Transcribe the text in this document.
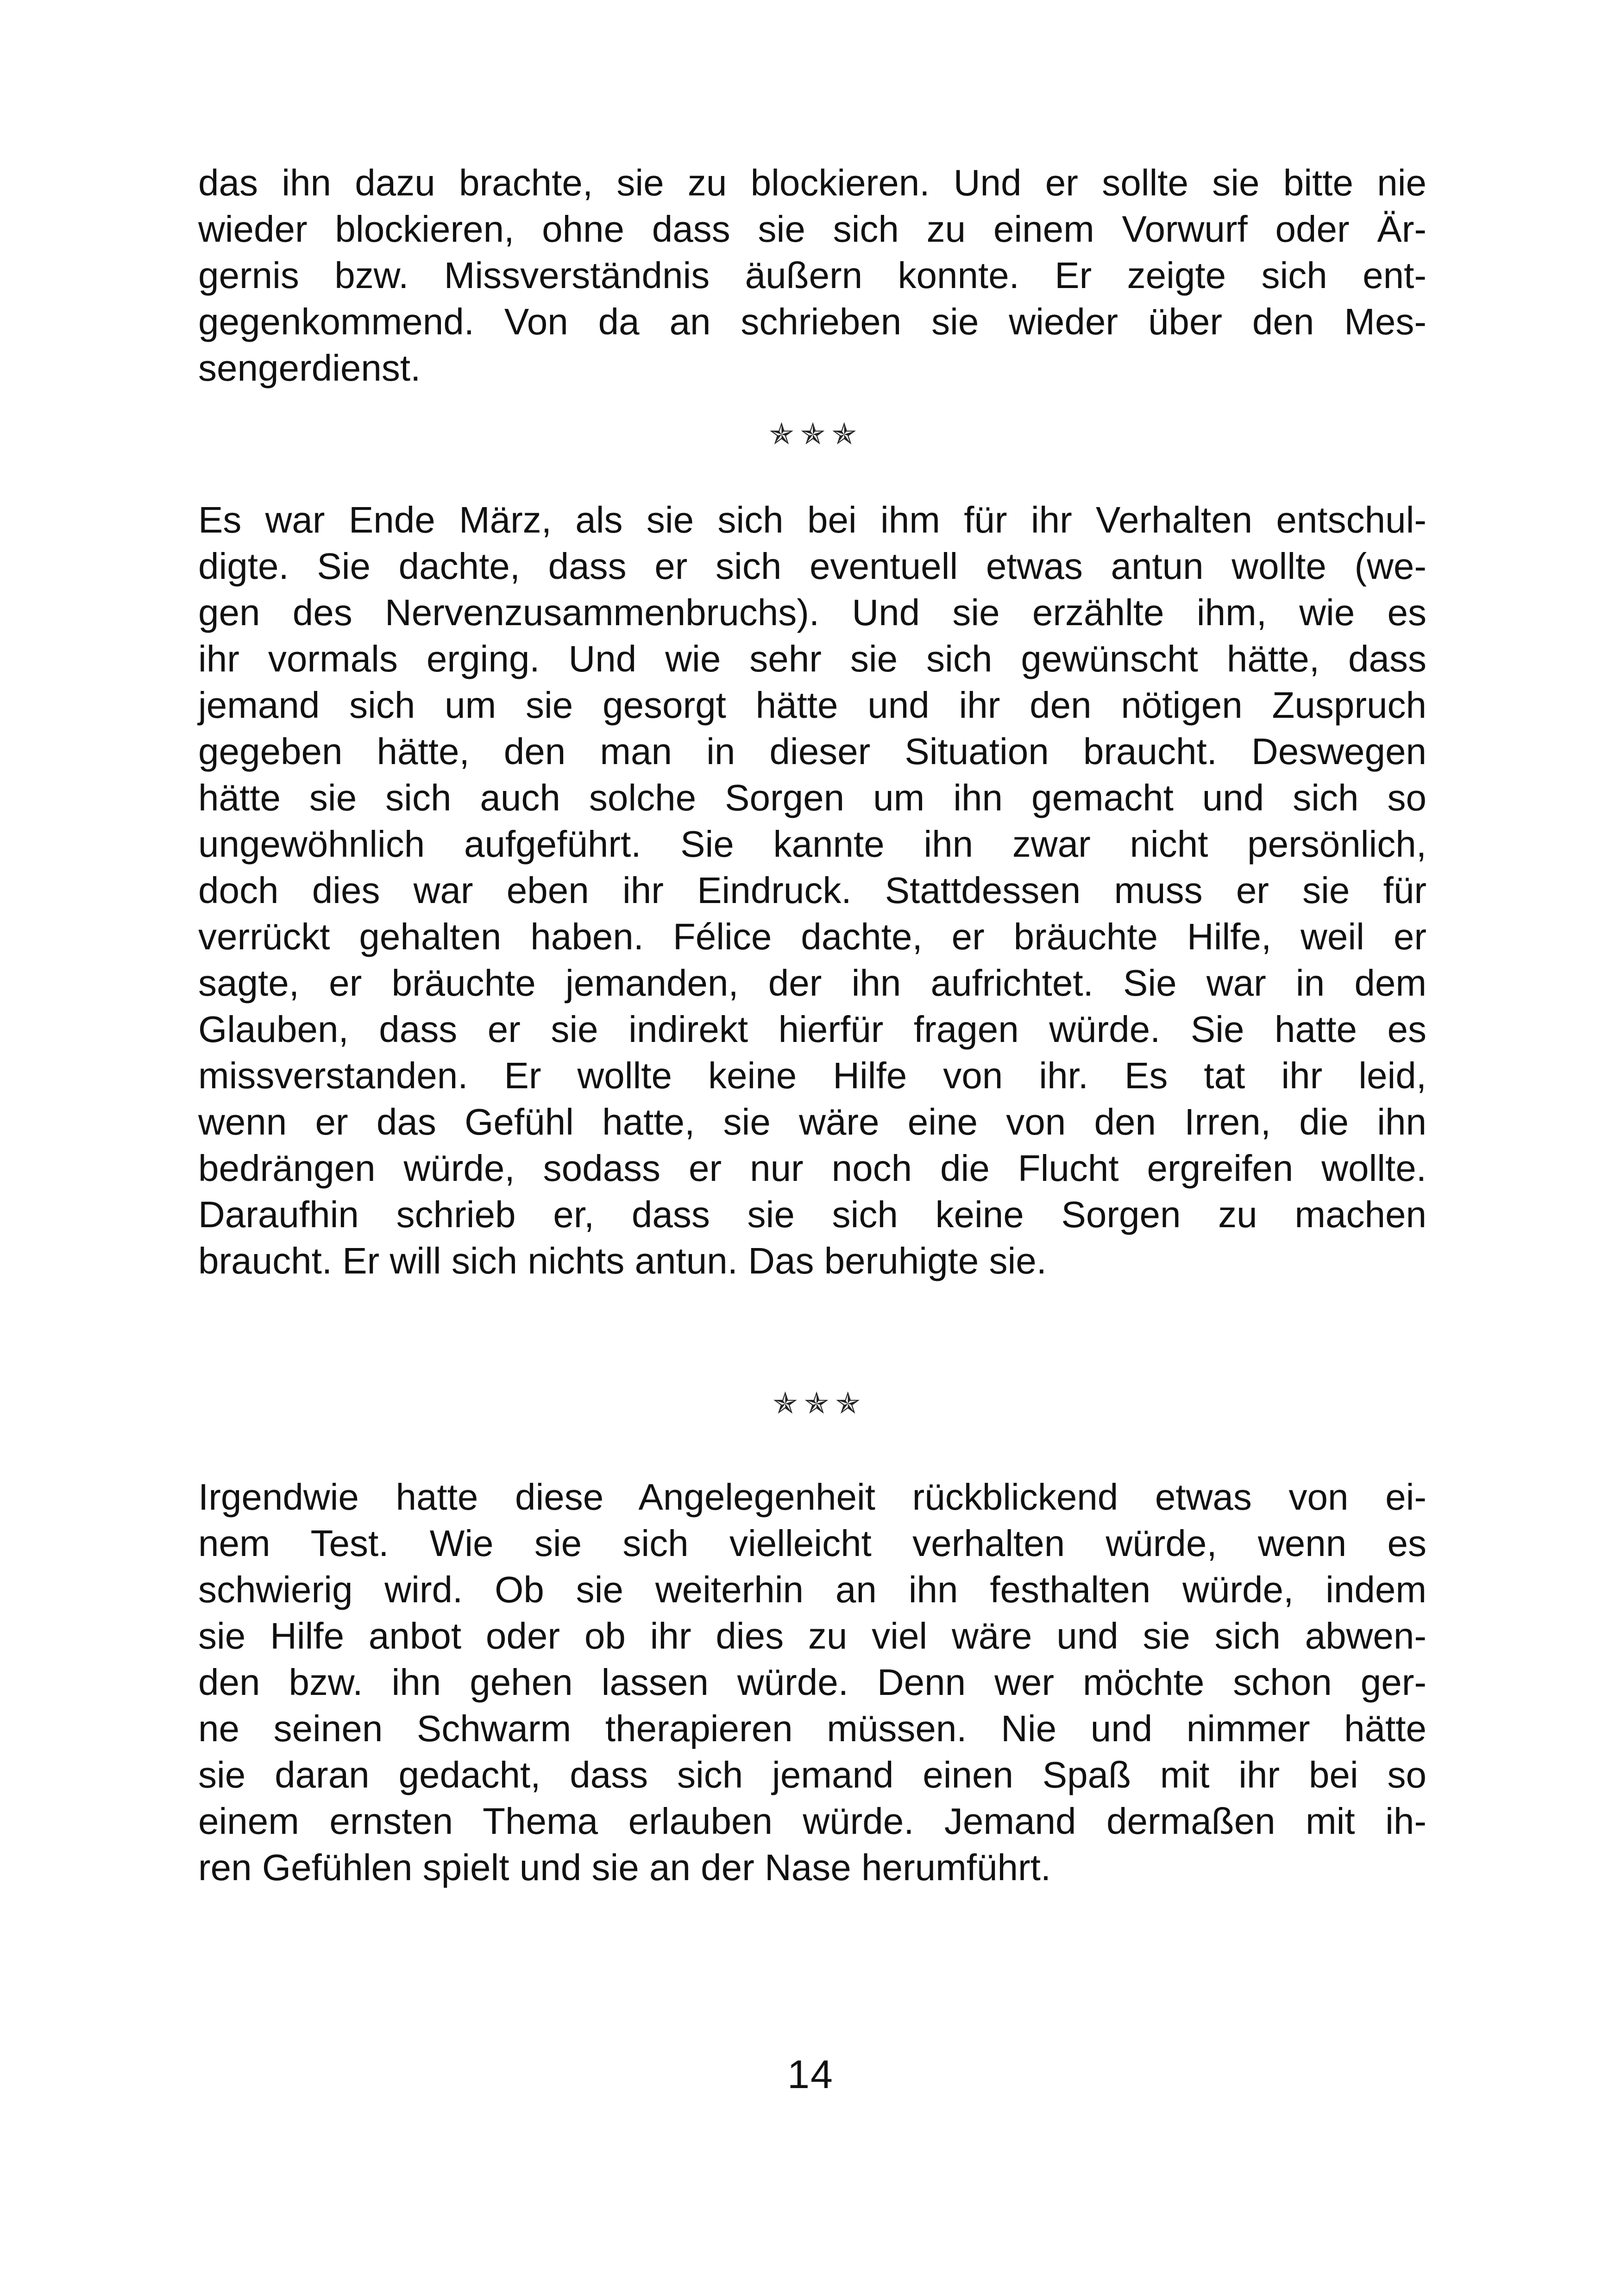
das ihn dazu brachte, sie zu blockieren. Und er sollte sie bitte nie
wieder blockieren, ohne dass sie sich zu einem Vorwurf oder Är-
gernis bzw. Missverständnis äußern konnte. Er zeigte sich ent-
gegenkommend. Von da an schrieben sie wieder über den Mes-
sengerdienst.
✯✯✯
Es war Ende März, als sie sich bei ihm für ihr Verhalten entschul-
digte. Sie dachte, dass er sich eventuell etwas antun wollte (we-
gen des Nervenzusammenbruchs). Und sie erzählte ihm, wie es
ihr vormals erging. Und wie sehr sie sich gewünscht hätte, dass
jemand sich um sie gesorgt hätte und ihr den nötigen Zuspruch
gegeben hätte, den man in dieser Situation braucht. Deswegen
hätte sie sich auch solche Sorgen um ihn gemacht und sich so
ungewöhnlich aufgeführt. Sie kannte ihn zwar nicht persönlich,
doch dies war eben ihr Eindruck. Stattdessen muss er sie für
verrückt gehalten haben. Félice dachte, er bräuchte Hilfe, weil er
sagte, er bräuchte jemanden, der ihn aufrichtet. Sie war in dem
Glauben, dass er sie indirekt hierfür fragen würde. Sie hatte es
missverstanden. Er wollte keine Hilfe von ihr. Es tat ihr leid,
wenn er das Gefühl hatte, sie wäre eine von den Irren, die ihn
bedrängen würde, sodass er nur noch die Flucht ergreifen wollte.
Daraufhin schrieb er, dass sie sich keine Sorgen zu machen
braucht. Er will sich nichts antun. Das beruhigte sie.
✯✯✯
Irgendwie hatte diese Angelegenheit rückblickend etwas von ei-
nem Test. Wie sie sich vielleicht verhalten würde, wenn es
schwierig wird. Ob sie weiterhin an ihn festhalten würde, indem
sie Hilfe anbot oder ob ihr dies zu viel wäre und sie sich abwen-
den bzw. ihn gehen lassen würde. Denn wer möchte schon ger-
ne seinen Schwarm therapieren müssen. Nie und nimmer hätte
sie daran gedacht, dass sich jemand einen Spaß mit ihr bei so
einem ernsten Thema erlauben würde. Jemand dermaßen mit ih-
ren Gefühlen spielt und sie an der Nase herumführt.
14
